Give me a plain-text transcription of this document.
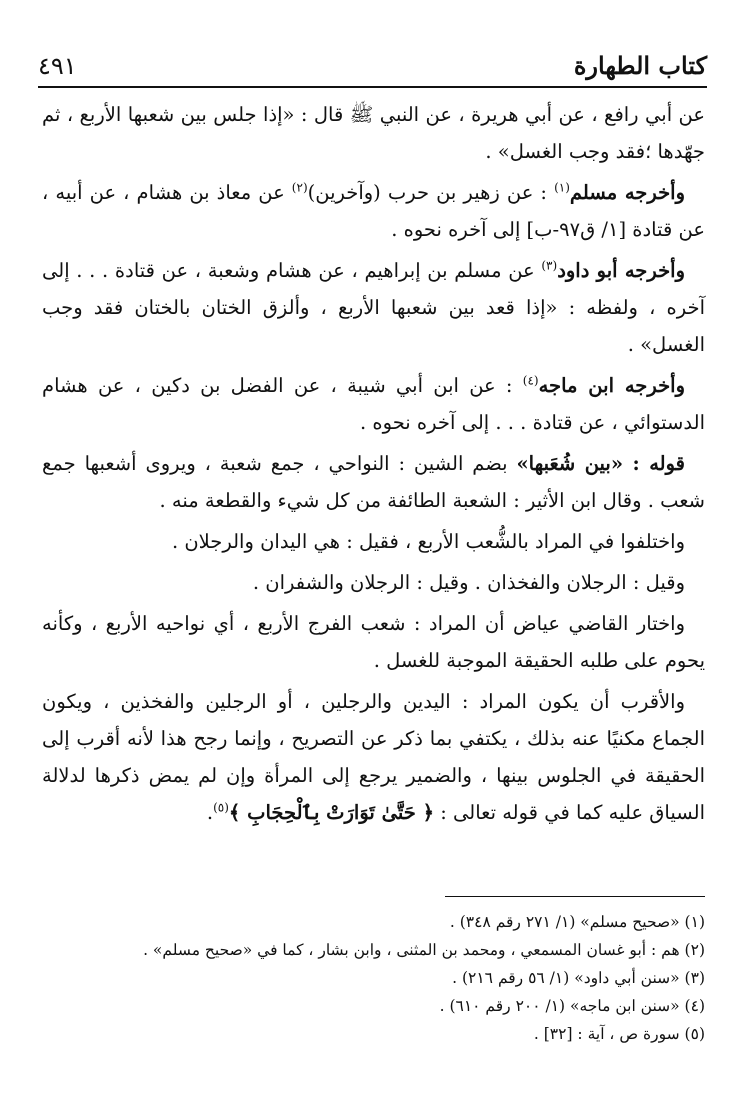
كتاب الطهارة
٤٩١

عن أبي رافع ، عن أبي هريرة ، عن النبي ﷺ قال : «إذا جلس بين شعبها الأربع ، ثم جهّدها ؛فقد وجب الغسل» .

وأخرجه مسلم$^{(١)}$ : عن زهير بن حرب (وآخرين)$^{(٢)}$ عن معاذ بن هشام ، عن أبيه ، عن قتادة [١/ ق٩٧-ب] إلى آخره نحوه .

وأخرجه أبو داود$^{(٣)}$ عن مسلم بن إبراهيم ، عن هشام وشعبة ، عن قتادة . . . إلى آخره ، ولفظه : «إذا قعد بين شعبها الأربع ، وألزق الختان بالختان فقد وجب الغسل» .

وأخرجه ابن ماجه$^{(٤)}$ : عن ابن أبي شيبة ، عن الفضل بن دكين ، عن هشام الدستوائي ، عن قتادة . . . إلى آخره نحوه .

قوله : «بين شُعَبها» بضم الشين : النواحي ، جمع شعبة ، ويروى أشعبها جمع شعب . وقال ابن الأثير : الشعبة الطائفة من كل شيء والقطعة منه .

واختلفوا في المراد بالشُّعب الأربع ، فقيل : هي اليدان والرجلان .

وقيل : الرجلان والفخذان . وقيل : الرجلان والشفران .

واختار القاضي عياض أن المراد : شعب الفرج الأربع ، أي نواحيه الأربع ، وكأنه يحوم على طلبه الحقيقة الموجبة للغسل .

والأقرب أن يكون المراد : اليدين والرجلين ، أو الرجلين والفخذين ، ويكون الجماع مكنيًا عنه بذلك ، يكتفي بما ذكر عن التصريح ، وإنما رجح هذا لأنه أقرب إلى الحقيقة في الجلوس بينها ، والضمير يرجع إلى المرأة وإن لم يمض ذكرها لدلالة السياق عليه كما في قوله تعالى : ﴿ حَتَّىٰ تَوَارَتْ بِٱلْحِجَابِ ﴾$^{(٥)}$.

(١) «صحيح مسلم» (١/ ٢٧١ رقم ٣٤٨) .

(٢) هم : أبو غسان المسمعي ، ومحمد بن المثنى ، وابن بشار ، كما في «صحيح مسلم» .

(٣) «سنن أبي داود» (١/ ٥٦ رقم ٢١٦) .

(٤) «سنن ابن ماجه» (١/ ٢٠٠ رقم ٦١٠) .

(٥) سورة ص ، آية : [٣٢] .
